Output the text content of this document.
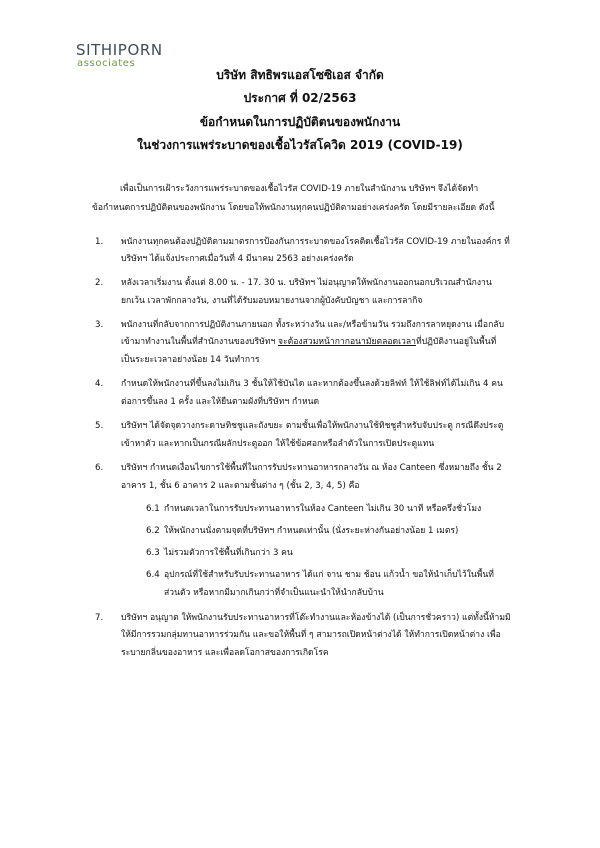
SITHIPORN
associates
บริษัท สิทธิพรแอสโซซิเอส จำกัด
ประกาศ ที่ 02/2563
ข้อกำหนดในการปฏิบัติตนของพนักงาน
ในช่วงการแพร่ระบาดของเชื้อไวรัสโควิด 2019 (COVID-19)
เพื่อเป็นการเฝ้าระวังการแพร่ระบาดของเชื้อไวรัส COVID-19 ภายในสำนักงาน บริษัทฯ จึงได้จัดทำ
ข้อกำหนดการปฏิบัติตนของพนักงาน โดยขอให้พนักงานทุกคนปฏิบัติตามอย่างเคร่งครัด โดยมีรายละเอียด ดังนี้
1. พนักงานทุกคนต้องปฏิบัติตามมาตรการป้องกันการระบาดของโรคติดเชื้อไวรัส COVID-19 ภายในองค์กร ที่
บริษัทฯ ได้แจ้งประกาศเมื่อวันที่ 4 มีนาคม 2563 อย่างเคร่งครัด
2. หลังเวลาเริ่มงาน ตั้งแต่ 8.00 น. - 17. 30 น. บริษัทฯ ไม่อนุญาตให้พนักงานออกนอกบริเวณสำนักงาน
ยกเว้น เวลาพักกลางวัน, งานที่ได้รับมอบหมายงานจากผู้บังคับบัญชา และการลากิจ
3. พนักงานที่กลับจากการปฏิบัติงานภายนอก ทั้งระหว่างวัน และ/หรือข้ามวัน รวมถึงการลาหยุดงาน เมื่อกลับ
เข้ามาทำงานในพื้นที่สำนักงานของบริษัทฯ จะต้องสวมหน้ากากอนามัยตลอดเวลาที่ปฏิบัติงานอยู่ในพื้นที่
เป็นระยะเวลาอย่างน้อย 14 วันทำการ
4. กำหนดให้พนักงานที่ขึ้นลงไม่เกิน 3 ชั้นให้ใช้บันได และหากต้องขึ้นลงด้วยลิฟท์ ให้ใช้ลิฟท์ได้ไม่เกิน 4 คน
ต่อการขึ้นลง 1 ครั้ง และให้ยืนตามผังที่บริษัทฯ กำหนด
5. บริษัทฯ ได้จัดจุดวางกระดาษทิชชูและถังขยะ ตามชั้นเพื่อให้พนักงานใช้ทิชชูสำหรับจับประตู กรณีดึงประตู
เข้าหาตัว และหากเป็นกรณีผลักประตูออก ให้ใช้ข้อศอกหรือลำตัวในการเปิดประตูแทน
6. บริษัทฯ กำหนดเงื่อนไขการใช้พื้นที่ในการรับประทานอาหารกลางวัน ณ ห้อง Canteen ซึ่งหมายถึง ชั้น 2
อาคาร 1, ชั้น 6 อาคาร 2 และตามชั้นต่าง ๆ (ชั้น 2, 3, 4, 5) คือ
6.1 กำหนดเวลาในการรับประทานอาหารในห้อง Canteen ไม่เกิน 30 นาที หรือครึ่งชั่วโมง
6.2 ให้พนักงานนั่งตามจุดที่บริษัทฯ กำหนดเท่านั้น (นั่งระยะห่างกันอย่างน้อย 1 เมตร)
6.3 ไม่รวมตัวการใช้พื้นที่เกินกว่า 3 คน
6.4 อุปกรณ์ที่ใช้สำหรับรับประทานอาหาร ได้แก่ จาน ชาม ช้อน แก้วน้ำ ขอให้นำเก็บไว้ในพื้นที่
ส่วนตัว หรือหากมีมากเกินกว่าที่จำเป็นแนะนำให้นำกลับบ้าน
7. บริษัทฯ อนุญาต ให้พนักงานรับประทานอาหารที่โต๊ะทำงานและห้องข้างได้ (เป็นการชั่วคราว) แต่ทั้งนี้ห้ามมิ
ให้มีการรวมกลุ่มทานอาหารร่วมกัน และขอให้พื้นที่ ๆ สามารถเปิดหน้าต่างได้ ให้ทำการเปิดหน้าต่าง เพื่อ
ระบายกลิ่นของอาหาร และเพื่อลดโอกาสของการเกิดโรค
